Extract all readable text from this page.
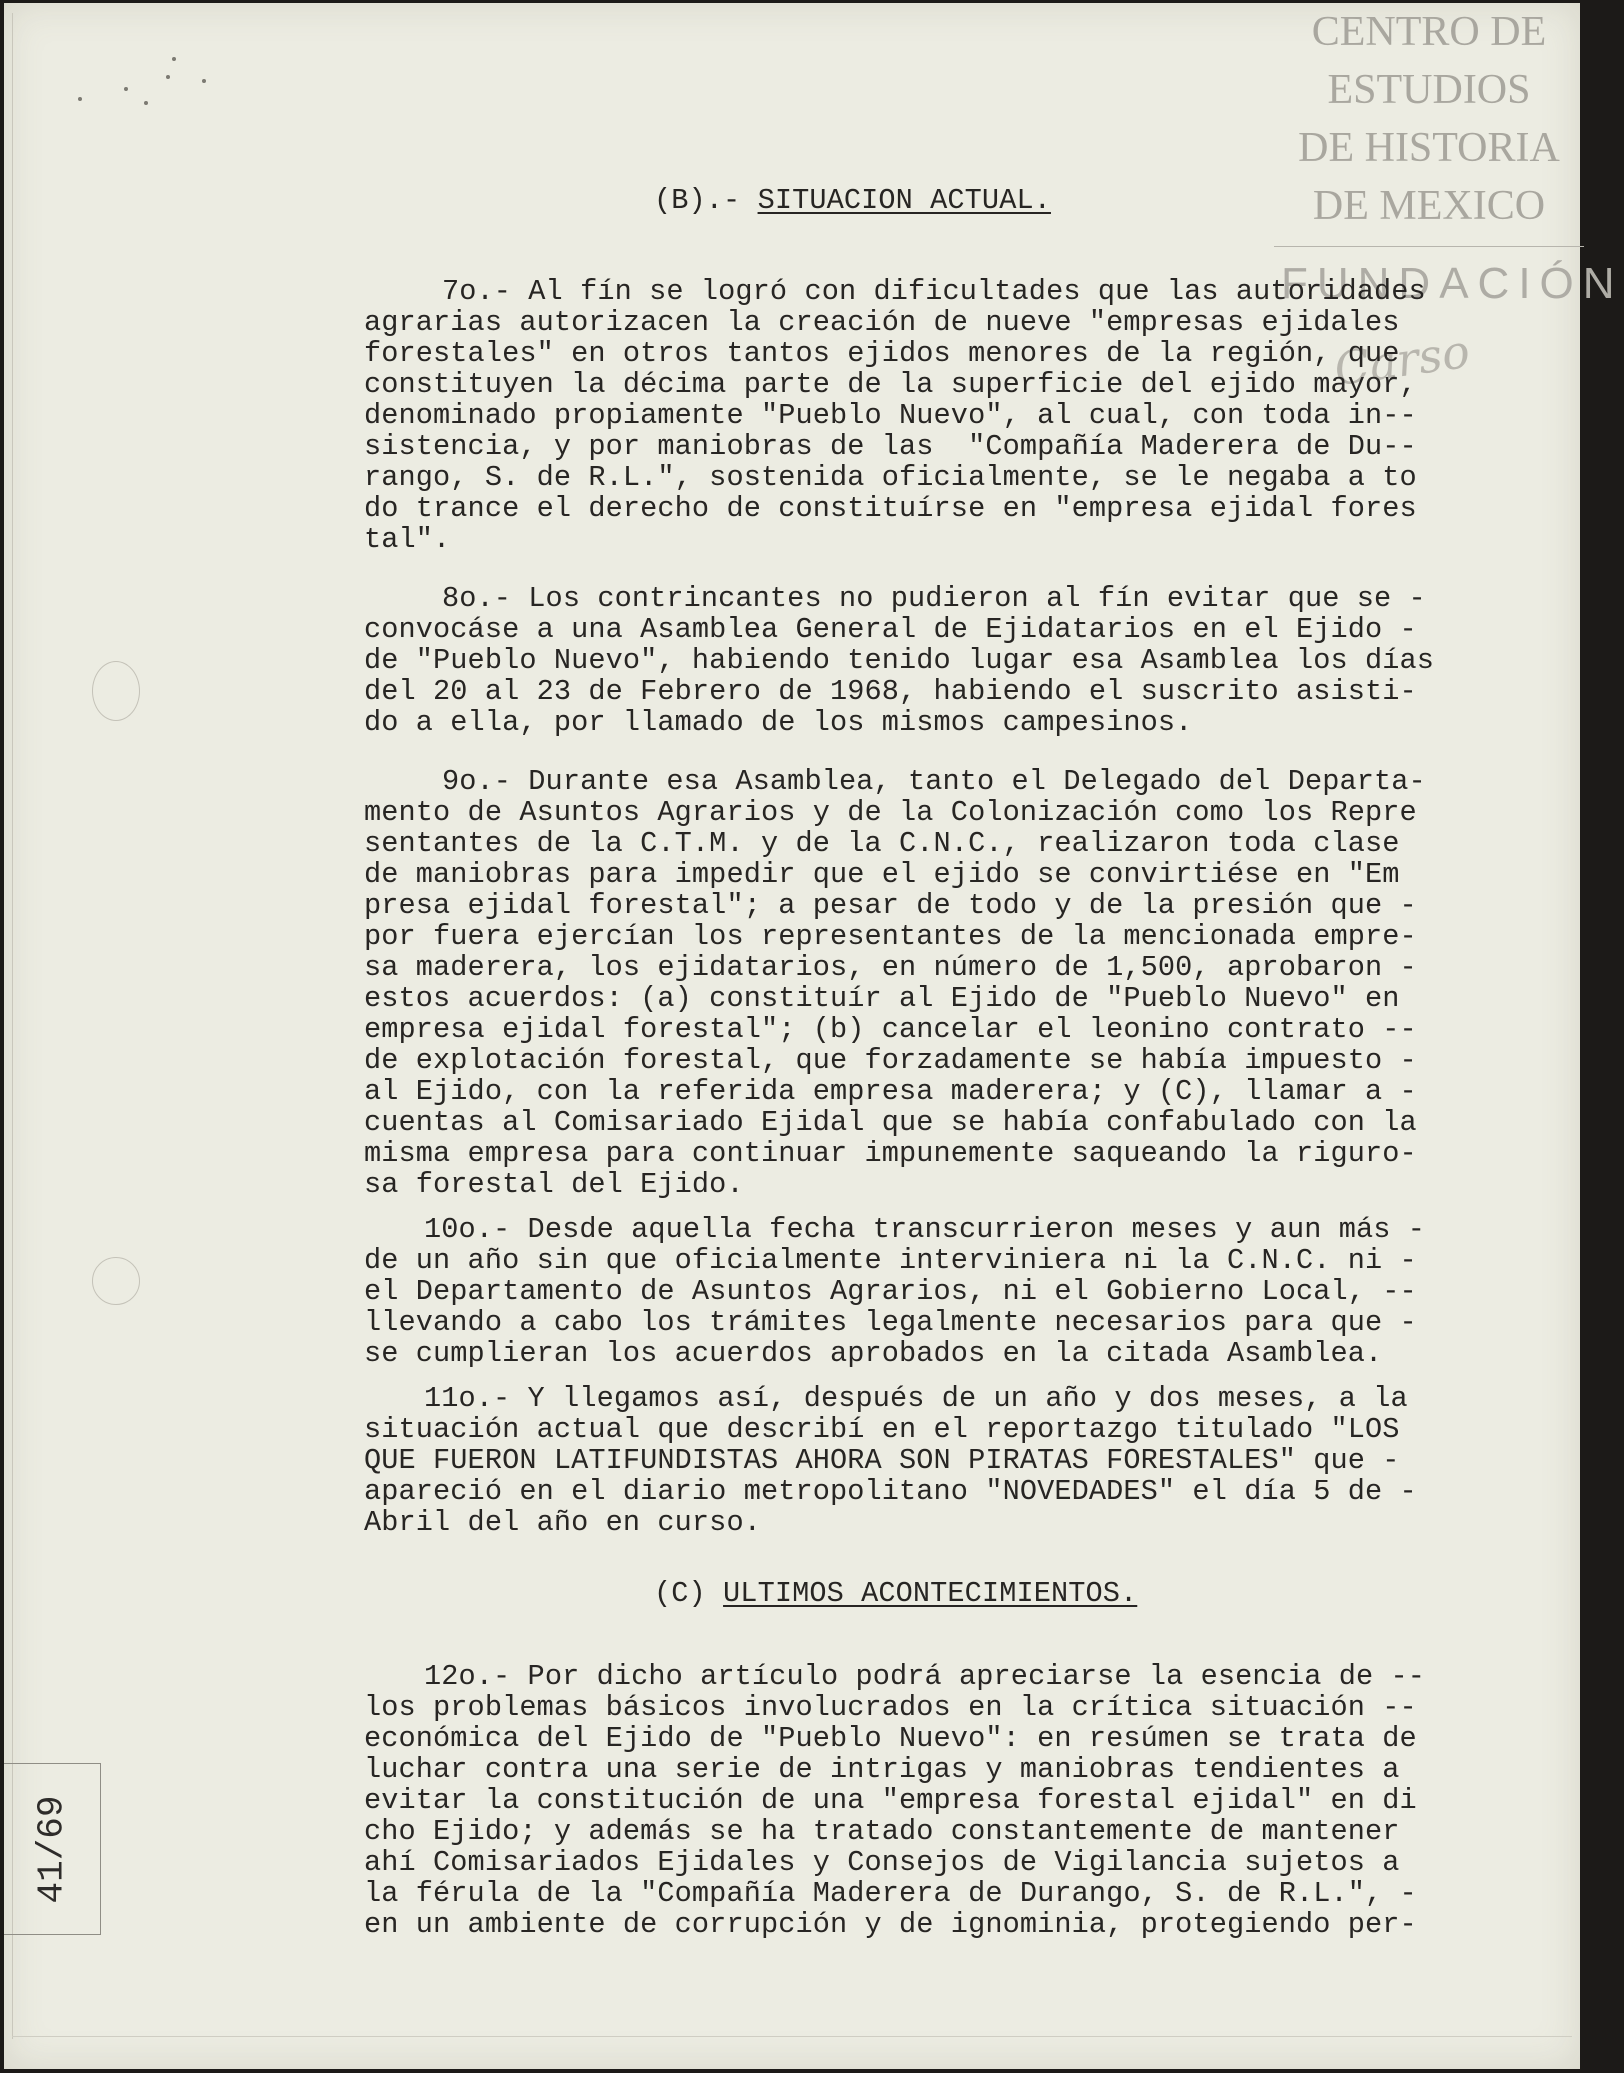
CENTRO DE
ESTUDIOS
DE HISTORIA
DE MEXICO
FUNDACIÓN
Carso
41/69
(B).- SITUACION ACTUAL.
7o.- Al fín se logró con dificultades que las autoridades
agrarias autorizacen la creación de nueve "empresas ejidales
forestales" en otros tantos ejidos menores de la región, que
constituyen la décima parte de la superficie del ejido mayor,
denominado propiamente "Pueblo Nuevo", al cual, con toda in--
sistencia, y por maniobras de las  "Compañía Maderera de Du--
rango, S. de R.L.", sostenida oficialmente, se le negaba a to
do trance el derecho de constituírse en "empresa ejidal fores
tal".
8o.- Los contrincantes no pudieron al fín evitar que se -
convocáse a una Asamblea General de Ejidatarios en el Ejido -
de "Pueblo Nuevo", habiendo tenido lugar esa Asamblea los días
del 20 al 23 de Febrero de 1968, habiendo el suscrito asisti-
do a ella, por llamado de los mismos campesinos.
9o.- Durante esa Asamblea, tanto el Delegado del Departa-
mento de Asuntos Agrarios y de la Colonización como los Repre
sentantes de la C.T.M. y de la C.N.C., realizaron toda clase
de maniobras para impedir que el ejido se convirtiése en "Em
presa ejidal forestal"; a pesar de todo y de la presión que -
por fuera ejercían los representantes de la mencionada empre-
sa maderera, los ejidatarios, en número de 1,500, aprobaron -
estos acuerdos: (a) constituír al Ejido de "Pueblo Nuevo" en
empresa ejidal forestal"; (b) cancelar el leonino contrato --
de explotación forestal, que forzadamente se había impuesto -
al Ejido, con la referida empresa maderera; y (C), llamar a -
cuentas al Comisariado Ejidal que se había confabulado con la
misma empresa para continuar impunemente saqueando la riguro-
sa forestal del Ejido.
10o.- Desde aquella fecha transcurrieron meses y aun más -
de un año sin que oficialmente interviniera ni la C.N.C. ni -
el Departamento de Asuntos Agrarios, ni el Gobierno Local, --
llevando a cabo los trámites legalmente necesarios para que -
se cumplieran los acuerdos aprobados en la citada Asamblea.
11o.- Y llegamos así, después de un año y dos meses, a la
situación actual que describí en el reportazgo titulado "LOS
QUE FUERON LATIFUNDISTAS AHORA SON PIRATAS FORESTALES" que -
apareció en el diario metropolitano "NOVEDADES" el día 5 de -
Abril del año en curso.
(C) ULTIMOS ACONTECIMIENTOS.
12o.- Por dicho artículo podrá apreciarse la esencia de --
los problemas básicos involucrados en la crítica situación --
económica del Ejido de "Pueblo Nuevo": en resúmen se trata de
luchar contra una serie de intrigas y maniobras tendientes a
evitar la constitución de una "empresa forestal ejidal" en di
cho Ejido; y además se ha tratado constantemente de mantener
ahí Comisariados Ejidales y Consejos de Vigilancia sujetos a
la férula de la "Compañía Maderera de Durango, S. de R.L.", -
en un ambiente de corrupción y de ignominia, protegiendo per-
